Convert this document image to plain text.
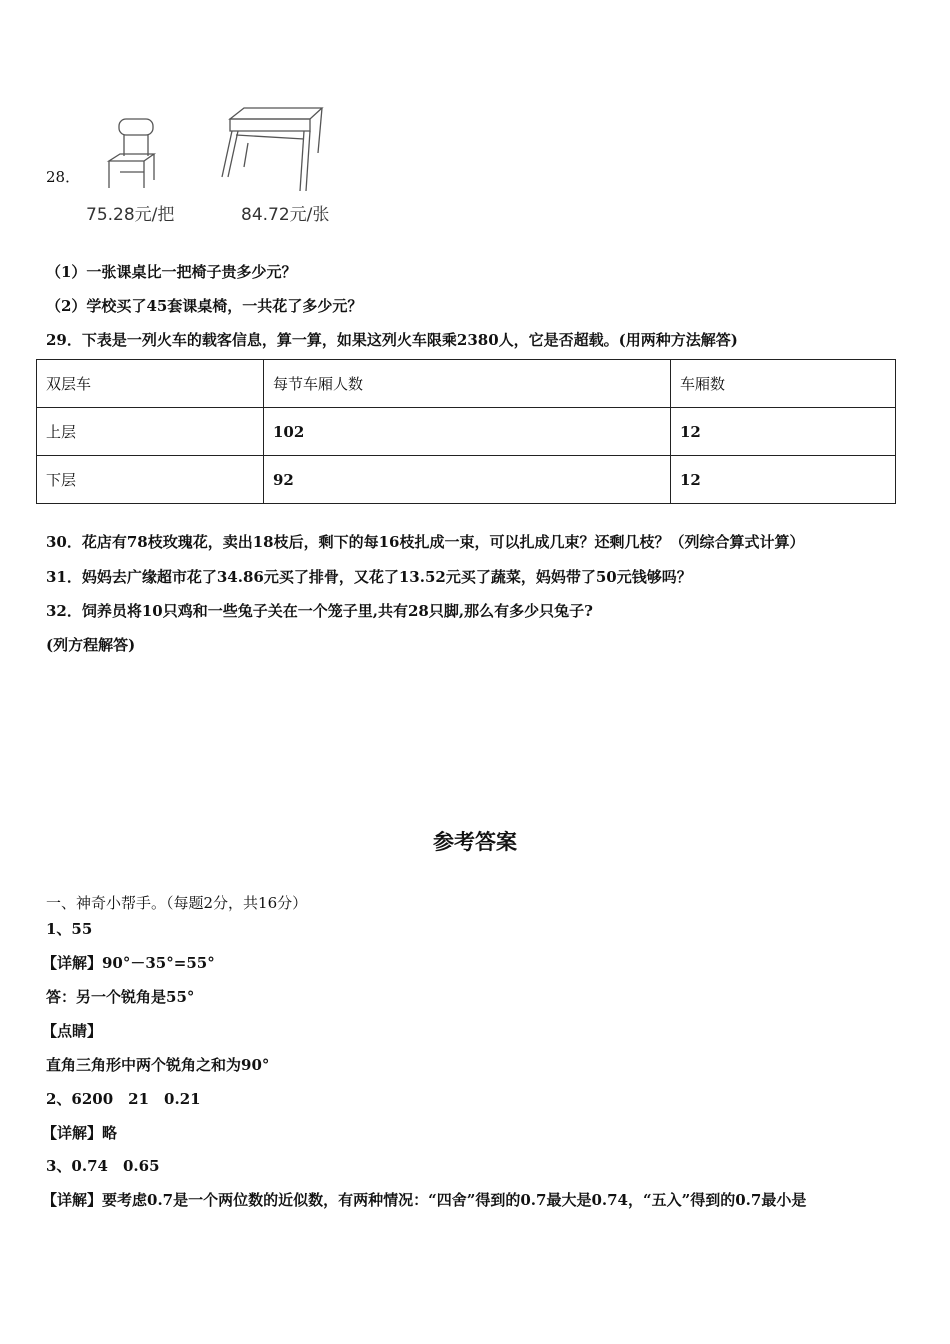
28．
75.28元/把	84.72元/张
（1）一张课桌比一把椅子贵多少元？
（2）学校买了45套课桌椅，一共花了多少元？
29．下表是一列火车的载客信息，算一算，如果这列火车限乘2380人，它是否超载。(用两种方法解答)
双层车	每节车厢人数	车厢数
上层	102	12
下层	92	12
30．花店有78枝玫瑰花，卖出18枝后，剩下的每16枝扎成一束，可以扎成几束？还剩几枝？（列综合算式计算）
31．妈妈去广缘超市花了34.86元买了排骨，又花了13.52元买了蔬菜，妈妈带了50元钱够吗？
32．饲养员将10只鸡和一些兔子关在一个笼子里,共有28只脚,那么有多少只兔子?
(列方程解答)
参考答案
一、神奇小帮手。（每题2分，共16分）
1、55
【详解】90°－35°=55°
答：另一个锐角是55°
【点睛】
直角三角形中两个锐角之和为90°
2、6200　21　0.21
【详解】略
3、0.74　0.65
【详解】要考虑0.7是一个两位数的近似数，有两种情况：“四舍”得到的0.7最大是0.74，“五入”得到的0.7最小是
